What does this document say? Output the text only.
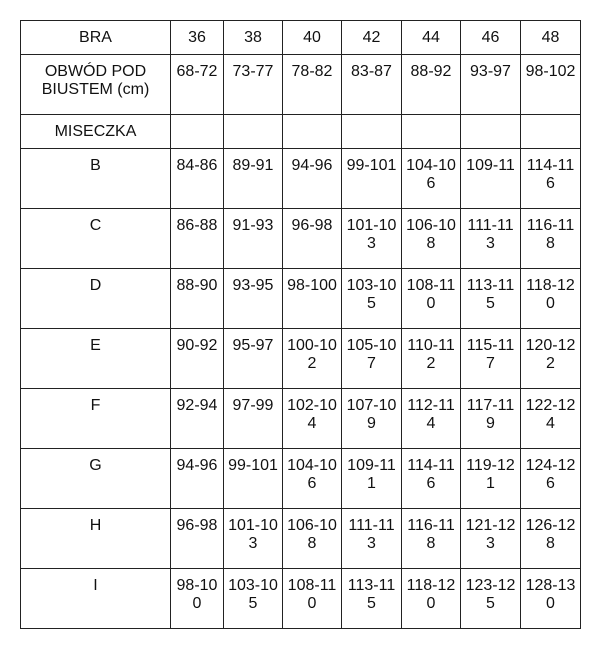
BRA	36	38	40	42	44	46	48
OBWÓD POD BIUSTEM (cm)	68-72	73-77	78-82	83-87	88-92	93-97	98-102
MISECZKA							
B	84-86	89-91	94-96	99-101	104-106	109-11	114-116
C	86-88	91-93	96-98	101-103	106-108	111-113	116-118
D	88-90	93-95	98-100	103-105	108-110	113-115	118-120
E	90-92	95-97	100-102	105-107	110-112	115-117	120-122
F	92-94	97-99	102-104	107-109	112-114	117-119	122-124
G	94-96	99-101	104-106	109-111	114-116	119-121	124-126
H	96-98	101-103	106-108	111-113	116-118	121-123	126-128
I	98-100	103-105	108-110	113-115	118-120	123-125	128-130
